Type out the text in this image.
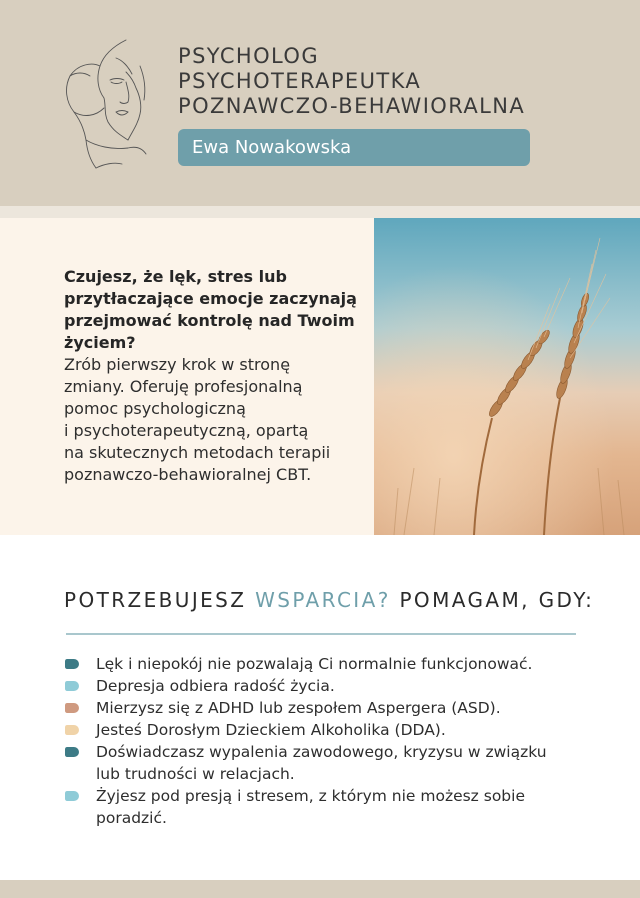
PSYCHOLOG
PSYCHOTERAPEUTKA
POZNAWCZO-BEHAWIORALNA
Ewa Nowakowska
Czujesz, że lęk, stres lub przytłaczające emocje zaczynają przejmować kontrolę nad Twoim życiem?
Zrób pierwszy krok w stronę
zmiany. Oferuję profesjonalną
pomoc psychologiczną
i psychoterapeutyczną, opartą
na skutecznych metodach terapii
poznawczo-behawioralnej CBT.
POTRZEBUJESZ WSPARCIA? POMAGAM, GDY:
Lęk i niepokój nie pozwalają Ci normalnie funkcjonować.
Depresja odbiera radość życia.
Mierzysz się z ADHD lub zespołem Aspergera (ASD).
Jesteś Dorosłym Dzieckiem Alkoholika (DDA).
Doświadczasz wypalenia zawodowego, kryzysu w związku lub trudności w relacjach.
Żyjesz pod presją i stresem, z którym nie możesz sobie poradzić.
